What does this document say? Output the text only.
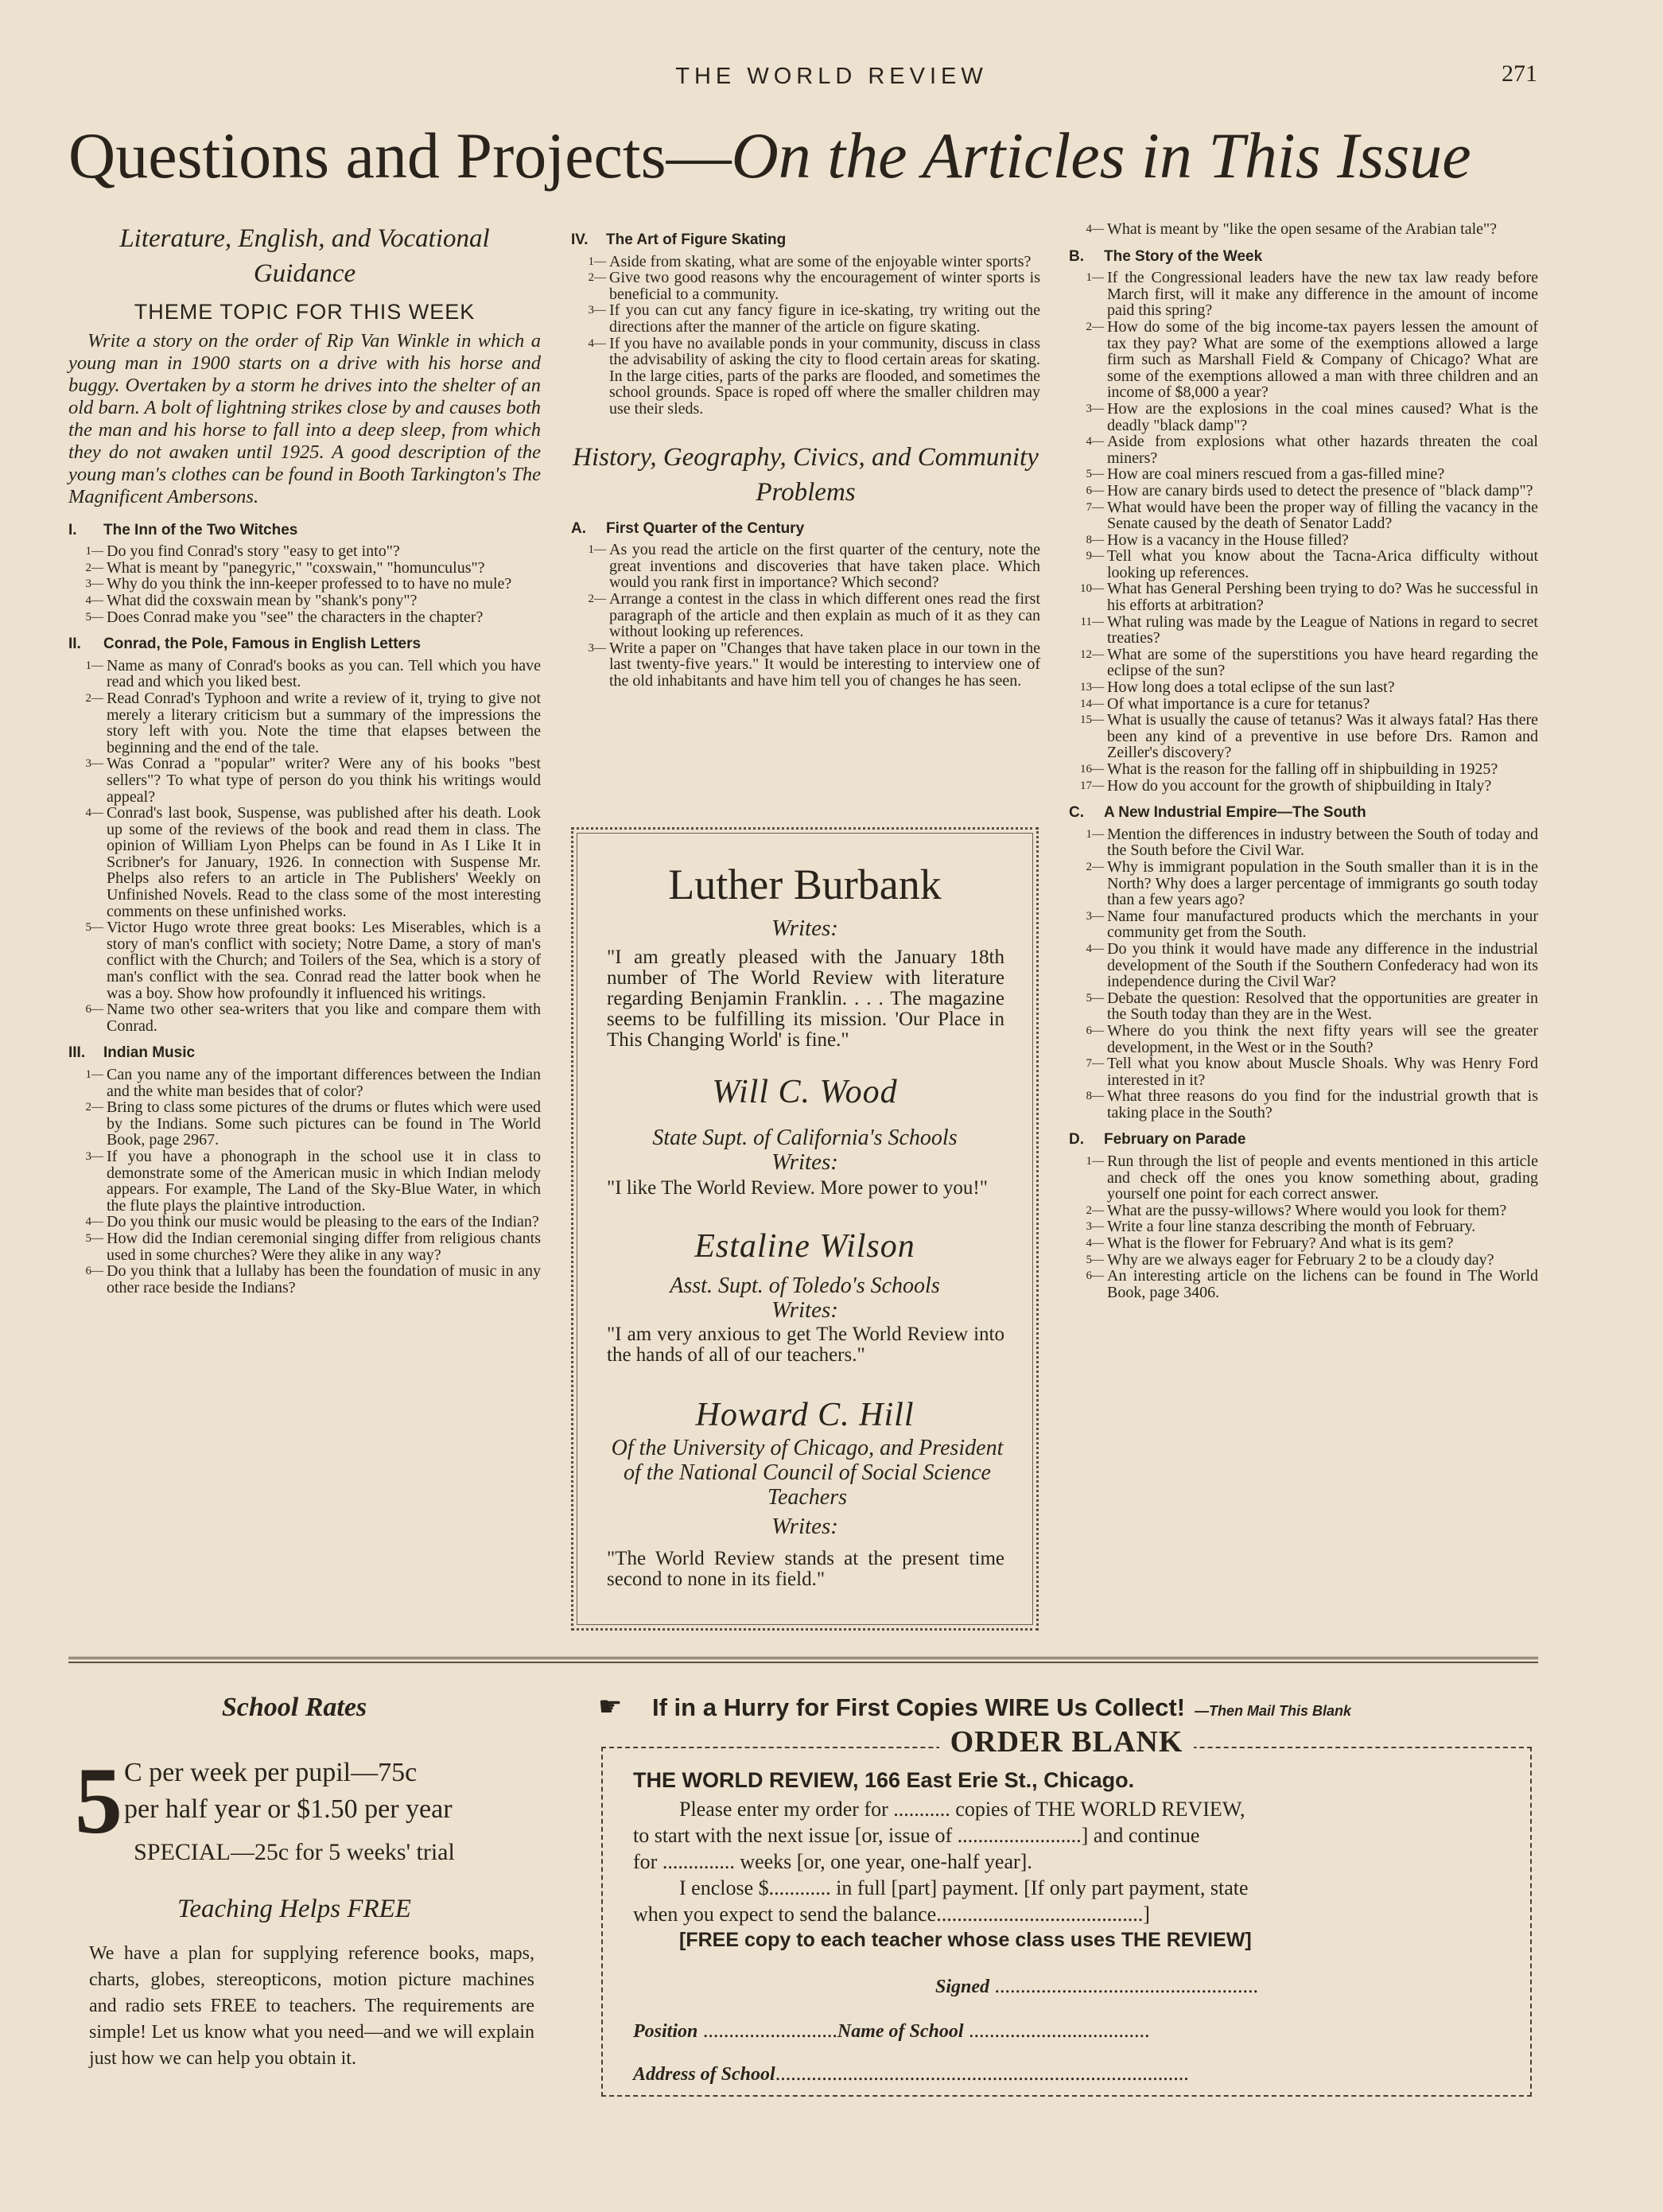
THE WORLD REVIEW	271
Questions and Projects—On the Articles in This Issue

Literature, English, and Vocational Guidance

THEME TOPIC FOR THIS WEEK

Write a story on the order of Rip Van Winkle in which a young man in 1900 starts on a drive with his horse and buggy. Overtaken by a storm he drives into the shelter of an old barn. A bolt of lightning strikes close by and causes both the man and his horse to fall into a deep sleep, from which they do not awaken until 1925. A good description of the young man's clothes can be found in Booth Tarkington's The Magnificent Ambersons.

I.	The Inn of the Two Witches
1— Do you find Conrad's story "easy to get into"?
2— What is meant by "panegyric," "coxswain," "homunculus"?
3— Why do you think the inn-keeper professed to to have no mule?
4— What did the coxswain mean by "shank's pony"?
5— Does Conrad make you "see" the characters in the chapter?
II.	Conrad, the Pole, Famous in English Letters
1— Name as many of Conrad's books as you can. Tell which you have read and which you liked best.
2— Read Conrad's Typhoon and write a review of it, trying to give not merely a literary criticism but a summary of the impressions the story left with you. Note the time that elapses between the beginning and the end of the tale.
3— Was Conrad a "popular" writer? Were any of his books "best sellers"? To what type of person do you think his writings would appeal?
4— Conrad's last book, Suspense, was published after his death. Look up some of the reviews of the book and read them in class. The opinion of William Lyon Phelps can be found in As I Like It in Scribner's for January, 1926. In connection with Suspense Mr. Phelps also refers to an article in The Publishers' Weekly on Unfinished Novels. Read to the class some of the most interesting comments on these unfinished works.
5— Victor Hugo wrote three great books: Les Miserables, which is a story of man's conflict with society; Notre Dame, a story of man's conflict with the Church; and Toilers of the Sea, which is a story of man's conflict with the sea. Conrad read the latter book when he was a boy. Show how profoundly it influenced his writings.
6— Name two other sea-writers that you like and compare them with Conrad.
III.	Indian Music
1— Can you name any of the important differences between the Indian and the white man besides that of color?
2— Bring to class some pictures of the drums or flutes which were used by the Indians. Some such pictures can be found in The World Book, page 2967.
3— If you have a phonograph in the school use it in class to demonstrate some of the American music in which Indian melody appears. For example, The Land of the Sky-Blue Water, in which the flute plays the plaintive introduction.
4— Do you think our music would be pleasing to the ears of the Indian?
5— How did the Indian ceremonial singing differ from religious chants used in some churches? Were they alike in any way?
6— Do you think that a lullaby has been the foundation of music in any other race beside the Indians?
IV.	The Art of Figure Skating
1— Aside from skating, what are some of the enjoyable winter sports?
2— Give two good reasons why the encouragement of winter sports is beneficial to a community.
3— If you can cut any fancy figure in ice-skating, try writing out the directions after the manner of the article on figure skating.
4— If you have no available ponds in your community, discuss in class the advisability of asking the city to flood certain areas for skating. In the large cities, parts of the parks are flooded, and sometimes the school grounds. Space is roped off where the smaller children may use their sleds.

History, Geography, Civics, and Community Problems

A.	First Quarter of the Century
1— As you read the article on the first quarter of the century, note the great inventions and discoveries that have taken place. Which would you rank first in importance? Which second?
2— Arrange a contest in the class in which different ones read the first paragraph of the article and then explain as much of it as they can without looking up references.
3— Write a paper on "Changes that have taken place in our town in the last twenty-five years." It would be interesting to interview one of the old inhabitants and have him tell you of changes he has seen.
Luther Burbank
Writes:
"I am greatly pleased with the January 18th number of The World Review with literature regarding Benjamin Franklin. . . . The magazine seems to be fulfilling its mission. 'Our Place in This Changing World' is fine."
Will C. Wood
State Supt. of California's Schools
Writes:
"I like The World Review. More power to you!"
Estaline Wilson
Asst. Supt. of Toledo's Schools
Writes:
"I am very anxious to get The World Review into the hands of all of our teachers."
Howard C. Hill
Of the University of Chicago, and President of the National Council of Social Science Teachers
Writes:
"The World Review stands at the present time second to none in its field."
4— What is meant by "like the open sesame of the Arabian tale"?
B.	The Story of the Week
1— If the Congressional leaders have the new tax law ready before March first, will it make any difference in the amount of income paid this spring?
2— How do some of the big income-tax payers lessen the amount of tax they pay? What are some of the exemptions allowed a large firm such as Marshall Field & Company of Chicago? What are some of the exemptions allowed a man with three children and an income of $8,000 a year?
3— How are the explosions in the coal mines caused? What is the deadly "black damp"?
4— Aside from explosions what other hazards threaten the coal miners?
5— How are coal miners rescued from a gas-filled mine?
6— How are canary birds used to detect the presence of "black damp"?
7— What would have been the proper way of filling the vacancy in the Senate caused by the death of Senator Ladd?
8— How is a vacancy in the House filled?
9— Tell what you know about the Tacna-Arica difficulty without looking up references.
10— What has General Pershing been trying to do? Was he successful in his efforts at arbitration?
11— What ruling was made by the League of Nations in regard to secret treaties?
12— What are some of the superstitions you have heard regarding the eclipse of the sun?
13— How long does a total eclipse of the sun last?
14— Of what importance is a cure for tetanus?
15— What is usually the cause of tetanus? Was it always fatal? Has there been any kind of a preventive in use before Drs. Ramon and Zeiller's discovery?
16— What is the reason for the falling off in shipbuilding in 1925?
17— How do you account for the growth of shipbuilding in Italy?
C.	A New Industrial Empire—The South
1— Mention the differences in industry between the South of today and the South before the Civil War.
2— Why is immigrant population in the South smaller than it is in the North? Why does a larger percentage of immigrants go south today than a few years ago?
3— Name four manufactured products which the merchants in your community get from the South.
4— Do you think it would have made any difference in the industrial development of the South if the Southern Confederacy had won its independence during the Civil War?
5— Debate the question: Resolved that the opportunities are greater in the South today than they are in the West.
6— Where do you think the next fifty years will see the greater development, in the West or in the South?
7— Tell what you know about Muscle Shoals. Why was Henry Ford interested in it?
8— What three reasons do you find for the industrial growth that is taking place in the South?
D.	February on Parade
1— Run through the list of people and events mentioned in this article and check off the ones you know something about, grading yourself one point for each correct answer.
2— What are the pussy-willows? Where would you look for them?
3— Write a four line stanza describing the month of February.
4— What is the flower for February? And what is its gem?
5— Why are we always eager for February 2 to be a cloudy day?
6— An interesting article on the lichens can be found in The World Book, page 3406.
School Rates
5 C per week per pupil—75c
per half year or $1.50 per year
SPECIAL—25c for 5 weeks' trial
Teaching Helps FREE
We have a plan for supplying reference books, maps, charts, globes, stereopticons, motion picture machines and radio sets FREE to teachers. The requirements are simple! Let us know what you need—and we will explain just how we can help you obtain it.
☛ If in a Hurry for First Copies WIRE Us Collect! —Then Mail This Blank
ORDER BLANK
THE WORLD REVIEW, 166 East Erie St., Chicago.
Please enter my order for ........... copies of THE WORLD REVIEW,
to start with the next issue [or, issue of ........................] and continue
for .............. weeks [or, one year, one-half year].
I enclose $............ in full [part] payment. [If only part payment, state
when you expect to send the balance........................................]
[FREE copy to each teacher whose class uses THE REVIEW]
Signed ...................................................
Position ..........................Name of School ...................................
Address of School................................................................................
